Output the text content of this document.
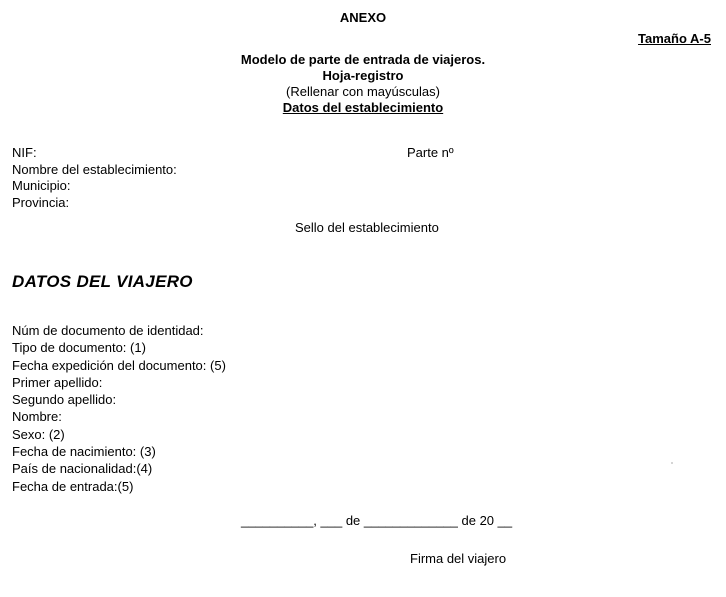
ANEXO
Tamaño A-5
Modelo de parte de entrada de viajeros.
Hoja-registro
(Rellenar con mayúsculas)
Datos del establecimiento
NIF:
Nombre del establecimiento:
Municipio:
Provincia:
Parte nº
Sello del establecimiento
DATOS DEL VIAJERO
Núm de documento de identidad:
Tipo de documento: (1)
Fecha expedición del documento: (5)
Primer apellido:
Segundo apellido:
Nombre:
Sexo: (2)
Fecha de nacimiento: (3)
País de nacionalidad:(4)
Fecha de entrada:(5)
__________, ___ de _____________ de 20 __
Firma del viajero
